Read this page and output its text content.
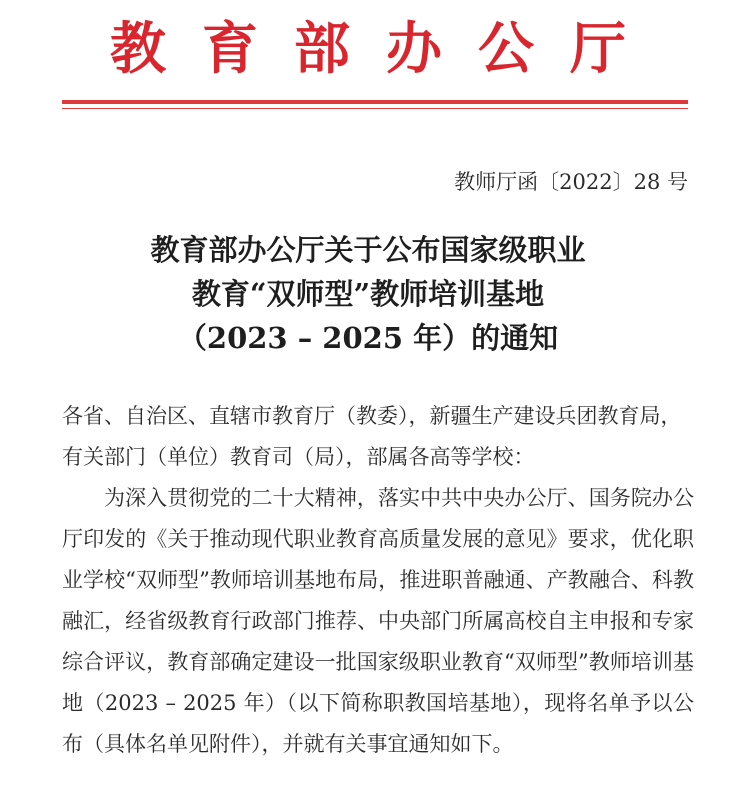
教育部办公厅
教师厅函〔2022〕28 号
教育部办公厅关于公布国家级职业
教育“双师型”教师培训基地
（2023 – 2025 年）的通知
各省、自治区、直辖市教育厅（教委），新疆生产建设兵团教育局，有关部门（单位）教育司（局），部属各高等学校：
为深入贯彻党的二十大精神，落实中共中央办公厅、国务院办公厅印发的《关于推动现代职业教育高质量发展的意见》要求，优化职业学校“双师型”教师培训基地布局，推进职普融通、产教融合、科教融汇，经省级教育行政部门推荐、中央部门所属高校自主申报和专家综合评议，教育部确定建设一批国家级职业教育“双师型”教师培训基地（2023 – 2025 年）（以下简称职教国培基地），现将名单予以公布（具体名单见附件），并就有关事宜通知如下。
